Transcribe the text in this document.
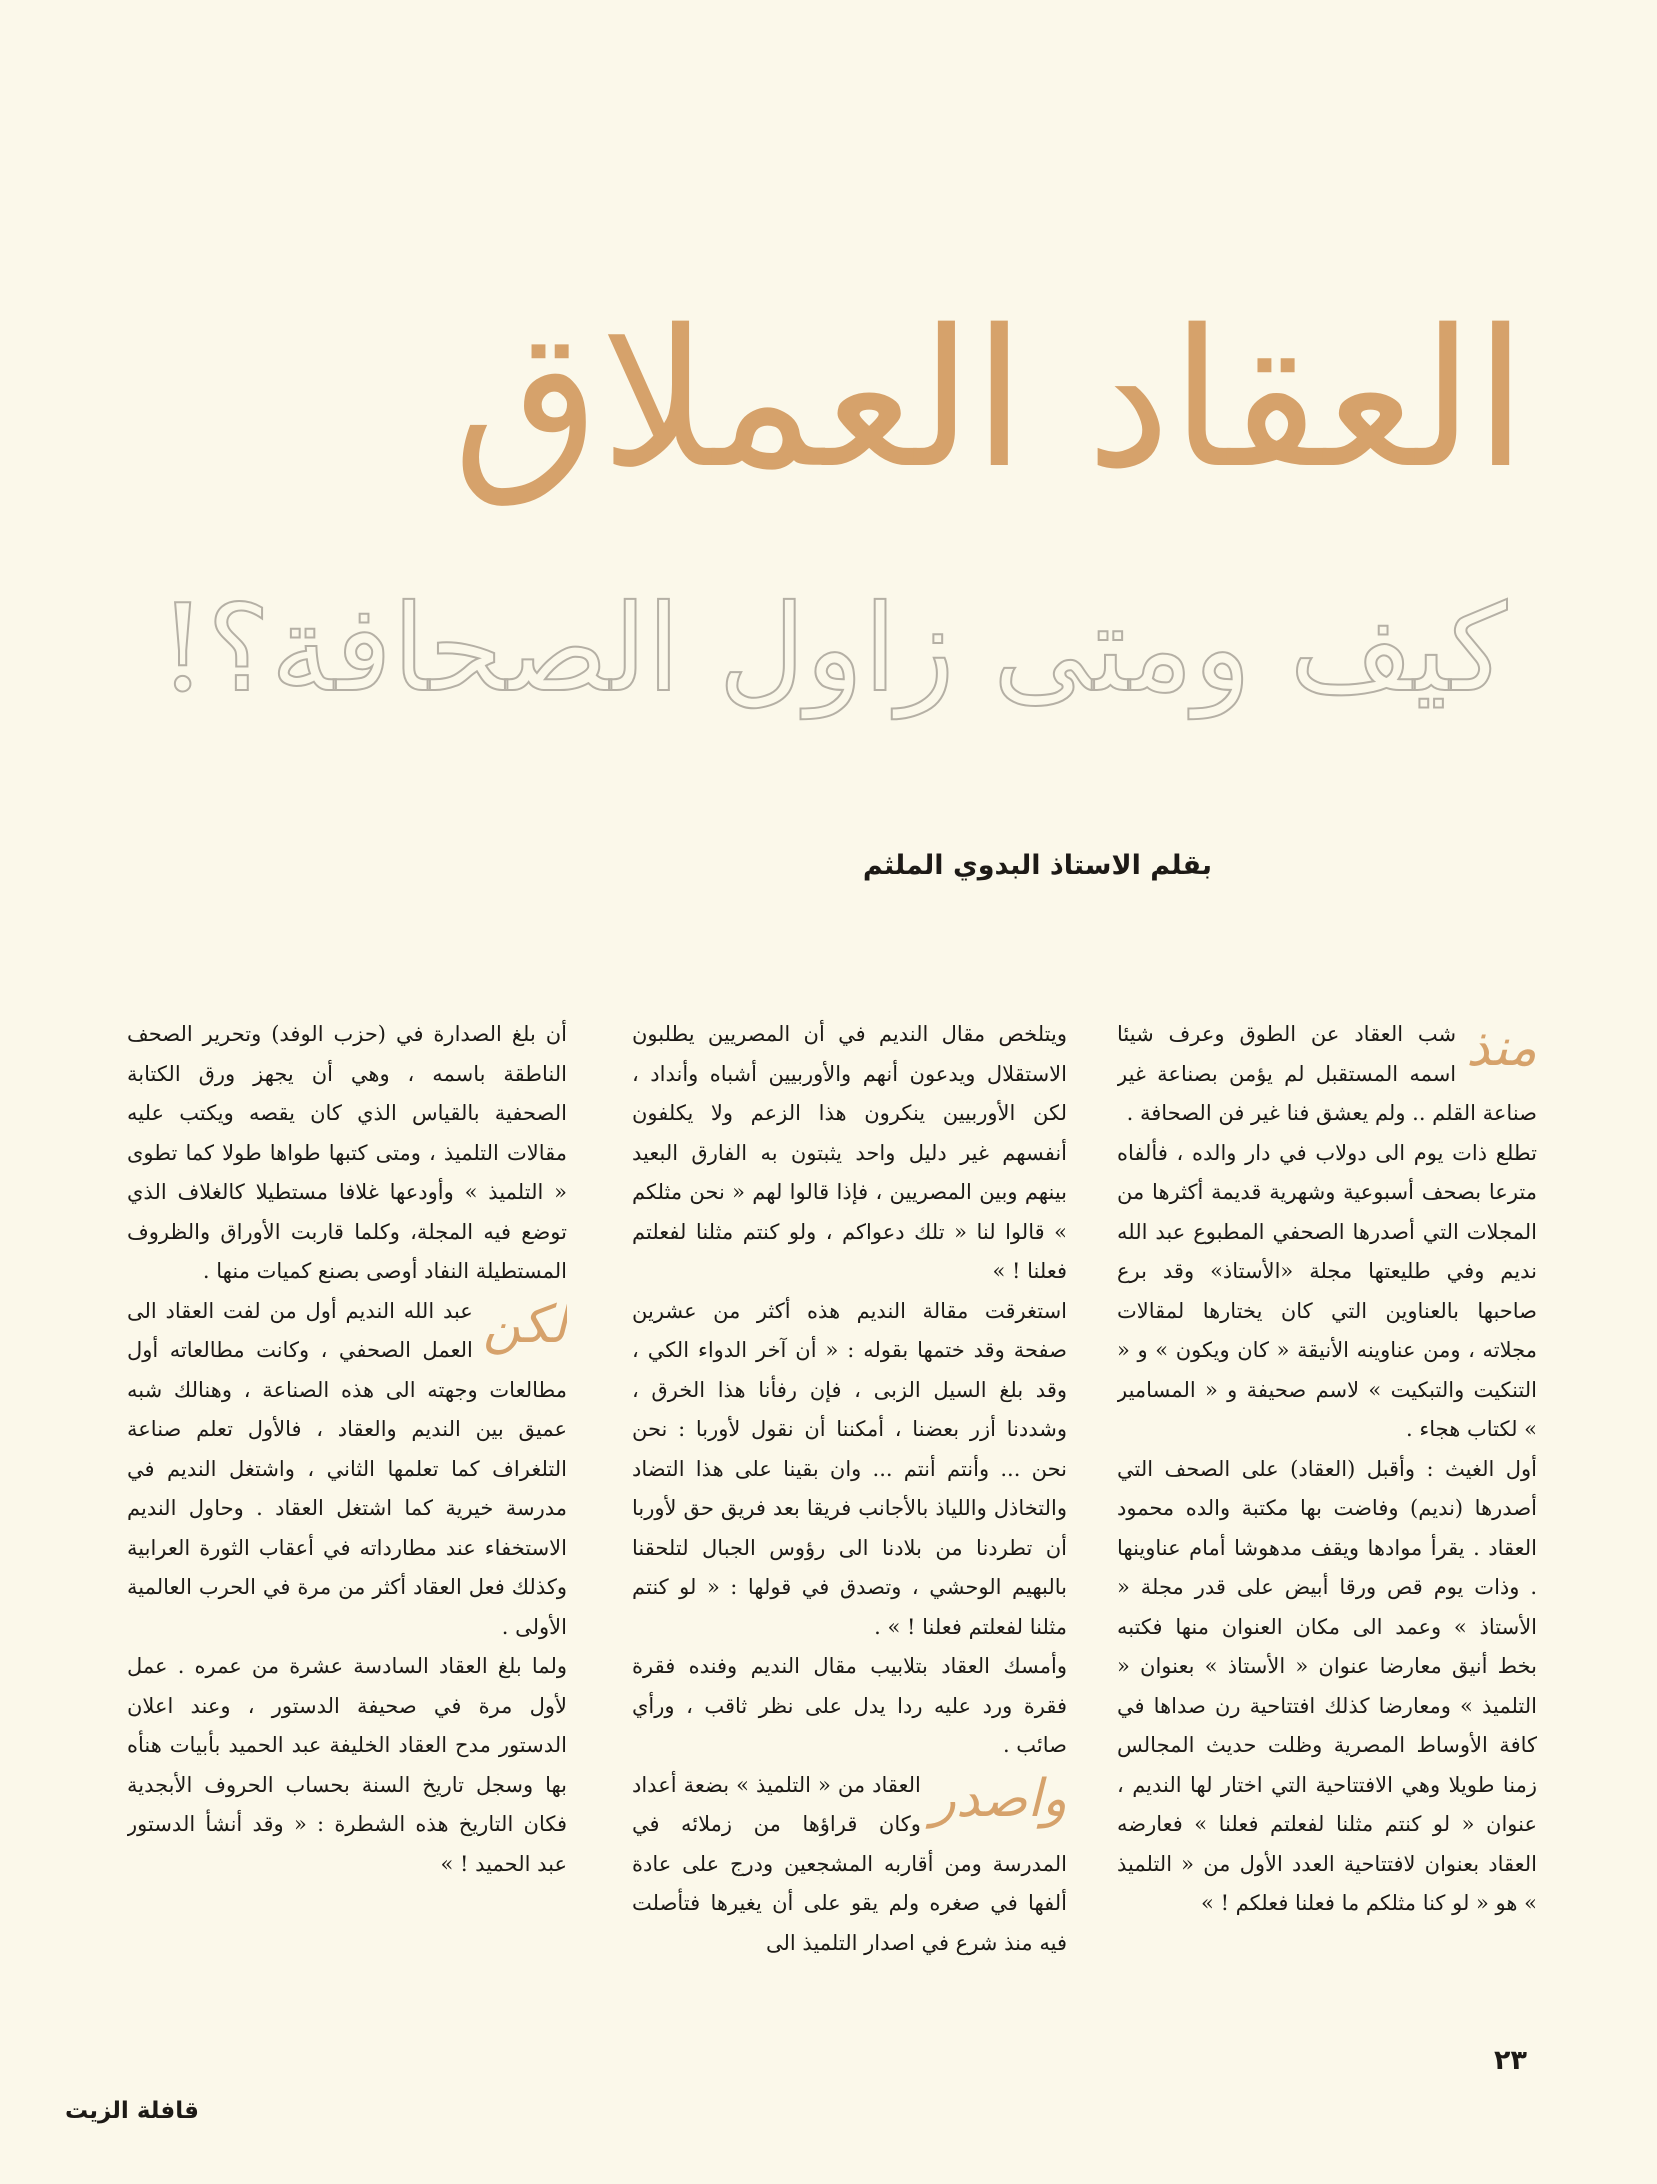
العقاد العملاق
كيف ومتى زاول الصحافة؟!
بقلم الاستاذ البدوي الملثم

منذ
شب العقاد عن الطوق وعرف شيئا اسمه المستقبل لم يؤمن بصناعة غير صناعة القلم .. ولم يعشق فنا غير فن الصحافة .

تطلع ذات يوم الى دولاب في دار والده ، فألفاه مترعا بصحف أسبوعية وشهرية قديمة أكثرها من المجلات التي أصدرها الصحفي المطبوع عبد الله نديم وفي طليعتها مجلة «الأستاذ» وقد برع صاحبها بالعناوين التي كان يختارها لمقالات مجلاته ، ومن عناوينه الأنيقة « كان ويكون » و « التنكيت والتبكيت » لاسم صحيفة و « المسامير » لكتاب هجاء .

أول الغيث : وأقبل (العقاد) على الصحف التي أصدرها (نديم) وفاضت بها مكتبة والده محمود العقاد . يقرأ موادها ويقف مدهوشا أمام عناوينها . وذات يوم قص ورقا أبيض على قدر مجلة « الأستاذ » وعمد الى مكان العنوان منها فكتبه بخط أنيق معارضا عنوان « الأستاذ » بعنوان « التلميذ » ومعارضا كذلك افتتاحية رن صداها في كافة الأوساط المصرية وظلت حديث المجالس زمنا طويلا وهي الافتتاحية التي اختار لها النديم ، عنوان « لو كنتم مثلنا لفعلتم فعلنا » فعارضه العقاد بعنوان لافتتاحية العدد الأول من « التلميذ » هو « لو كنا مثلكم ما فعلنا فعلكم ! »

ويتلخص مقال النديم في أن المصريين يطلبون الاستقلال ويدعون أنهم والأوربيين أشباه وأنداد ، لكن الأوربيين ينكرون هذا الزعم ولا يكلفون أنفسهم غير دليل واحد يثبتون به الفارق البعيد بينهم وبين المصريين ، فإذا قالوا لهم « نحن مثلكم » قالوا لنا « تلك دعواكم ، ولو كنتم مثلنا لفعلتم فعلنا ! »

استغرقت مقالة النديم هذه أكثر من عشرين صفحة وقد ختمها بقوله : « أن آخر الدواء الكي ، وقد بلغ السيل الزبى ، فإن رفأنا هذا الخرق ، وشددنا أزر بعضنا ، أمكننا أن نقول لأوربا : نحن نحن ... وأنتم أنتم ... وان بقينا على هذا التضاد والتخاذل واللياذ بالأجانب فريقا بعد فريق حق لأوربا أن تطردنا من بلادنا الى رؤوس الجبال لتلحقنا بالبهيم الوحشي ، وتصدق في قولها : « لو كنتم مثلنا لفعلتم فعلنا ! » .

وأمسك العقاد بتلابيب مقال النديم وفنده فقرة فقرة ورد عليه ردا يدل على نظر ثاقب ، ورأي صائب .

واصدر
العقاد من « التلميذ » بضعة أعداد وكان قراؤها من زملائه في المدرسة ومن أقاربه المشجعين ودرج على عادة ألفها في صغره ولم يقو على أن يغيرها فتأصلت فيه منذ شرع في اصدار التلميذ الى

أن بلغ الصدارة في (حزب الوفد) وتحرير الصحف الناطقة باسمه ، وهي أن يجهز ورق الكتابة الصحفية بالقياس الذي كان يقصه ويكتب عليه مقالات التلميذ ، ومتى كتبها طواها طولا كما تطوى « التلميذ » وأودعها غلافا مستطيلا كالغلاف الذي توضع فيه المجلة، وكلما قاربت الأوراق والظروف المستطيلة النفاد أوصى بصنع كميات منها .

لكن
عبد الله النديم أول من لفت العقاد الى العمل الصحفي ، وكانت مطالعاته أول مطالعات وجهته الى هذه الصناعة ، وهنالك شبه عميق بين النديم والعقاد ، فالأول تعلم صناعة التلغراف كما تعلمها الثاني ، واشتغل النديم في مدرسة خيرية كما اشتغل العقاد . وحاول النديم الاستخفاء عند مطارداته في أعقاب الثورة العرابية وكذلك فعل العقاد أكثر من مرة في الحرب العالمية الأولى .

ولما بلغ العقاد السادسة عشرة من عمره . عمل لأول مرة في صحيفة الدستور ، وعند اعلان الدستور مدح العقاد الخليفة عبد الحميد بأبيات هنأه بها وسجل تاريخ السنة بحساب الحروف الأبجدية فكان التاريخ هذه الشطرة : « وقد أنشأ الدستور عبد الحميد ! »

٢٣
قافلة الزيت
